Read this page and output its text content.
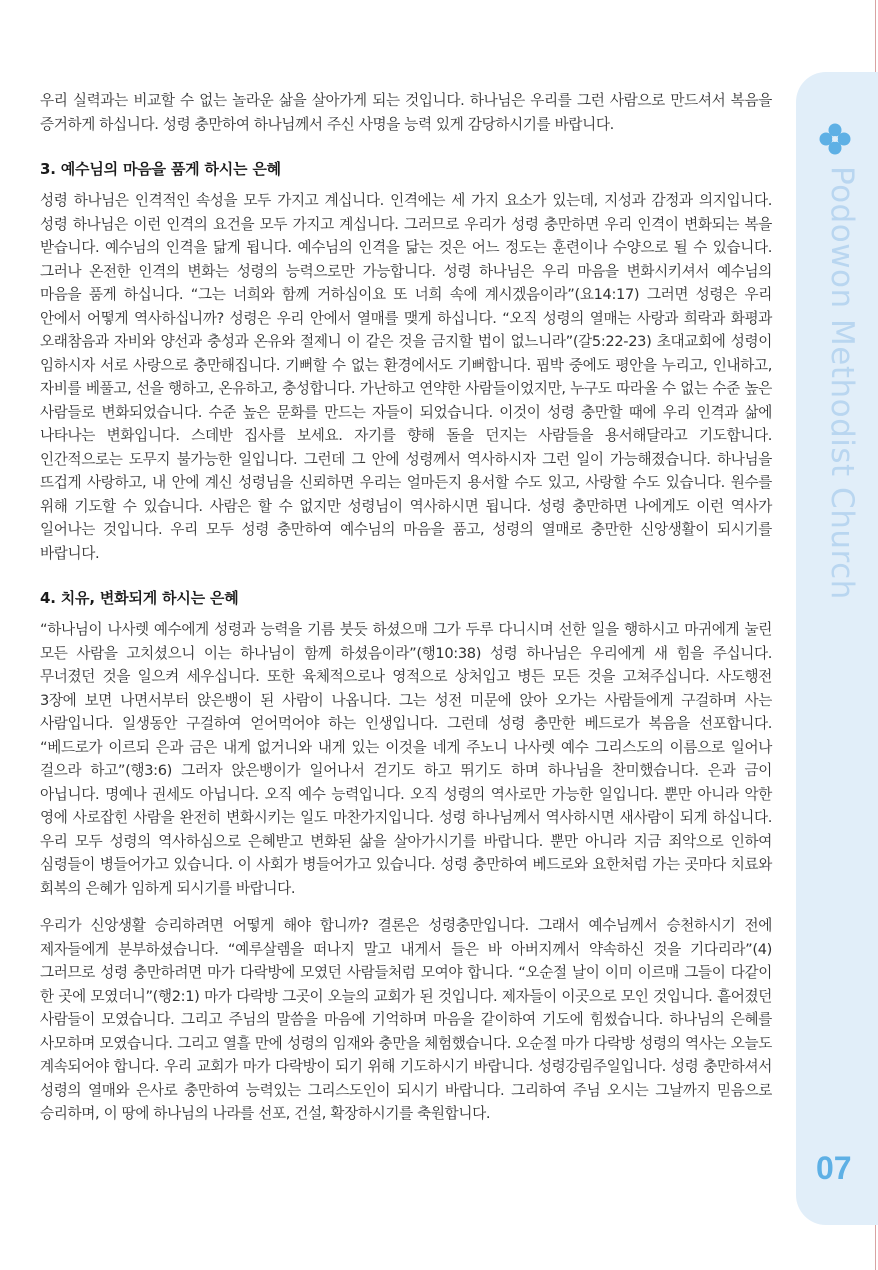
우리 실력과는 비교할 수 없는 놀라운 삶을 살아가게 되는 것입니다. 하나님은 우리를 그런 사람으로 만드셔서 복음을 증거하게 하십니다. 성령 충만하여 하나님께서 주신 사명을 능력 있게 감당하시기를 바랍니다.

3. 예수님의 마음을 품게 하시는 은혜

성령 하나님은 인격적인 속성을 모두 가지고 계십니다. 인격에는 세 가지 요소가 있는데, 지성과 감정과 의지입니다. 성령 하나님은 이런 인격의 요건을 모두 가지고 계십니다. 그러므로 우리가 성령 충만하면 우리 인격이 변화되는 복을 받습니다. 예수님의 인격을 닮게 됩니다. 예수님의 인격을 닮는 것은 어느 정도는 훈련이나 수양으로 될 수 있습니다. 그러나 온전한 인격의 변화는 성령의 능력으로만 가능합니다. 성령 하나님은 우리 마음을 변화시키셔서 예수님의 마음을 품게 하십니다. “그는 너희와 함께 거하심이요 또 너희 속에 계시겠음이라”(요14:17) 그러면 성령은 우리 안에서 어떻게 역사하십니까? 성령은 우리 안에서 열매를 맺게 하십니다. “오직 성령의 열매는 사랑과 희락과 화평과 오래참음과 자비와 양선과 충성과 온유와 절제니 이 같은 것을 금지할 법이 없느니라”(갈5:22-23) 초대교회에 성령이 임하시자 서로 사랑으로 충만해집니다. 기뻐할 수 없는 환경에서도 기뻐합니다. 핍박 중에도 평안을 누리고, 인내하고, 자비를 베풀고, 선을 행하고, 온유하고, 충성합니다. 가난하고 연약한 사람들이었지만, 누구도 따라올 수 없는 수준 높은 사람들로 변화되었습니다. 수준 높은 문화를 만드는 자들이 되었습니다. 이것이 성령 충만할 때에 우리 인격과 삶에 나타나는 변화입니다. 스데반 집사를 보세요. 자기를 향해 돌을 던지는 사람들을 용서해달라고 기도합니다. 인간적으로는 도무지 불가능한 일입니다. 그런데 그 안에 성령께서 역사하시자 그런 일이 가능해졌습니다. 하나님을 뜨겁게 사랑하고, 내 안에 계신 성령님을 신뢰하면 우리는 얼마든지 용서할 수도 있고, 사랑할 수도 있습니다. 원수를 위해 기도할 수 있습니다. 사람은 할 수 없지만 성령님이 역사하시면 됩니다. 성령 충만하면 나에게도 이런 역사가 일어나는 것입니다. 우리 모두 성령 충만하여 예수님의 마음을 품고, 성령의 열매로 충만한 신앙생활이 되시기를 바랍니다.

4. 치유, 변화되게 하시는 은혜

“하나님이 나사렛 예수에게 성령과 능력을 기름 붓듯 하셨으매 그가 두루 다니시며 선한 일을 행하시고 마귀에게 눌린 모든 사람을 고치셨으니 이는 하나님이 함께 하셨음이라”(행10:38) 성령 하나님은 우리에게 새 힘을 주십니다. 무너졌던 것을 일으켜 세우십니다. 또한 육체적으로나 영적으로 상처입고 병든 모든 것을 고쳐주십니다. 사도행전 3장에 보면 나면서부터 앉은뱅이 된 사람이 나옵니다. 그는 성전 미문에 앉아 오가는 사람들에게 구걸하며 사는 사람입니다. 일생동안 구걸하여 얻어먹어야 하는 인생입니다. 그런데 성령 충만한 베드로가 복음을 선포합니다. “베드로가 이르되 은과 금은 내게 없거니와 내게 있는 이것을 네게 주노니 나사렛 예수 그리스도의 이름으로 일어나 걸으라 하고”(행3:6) 그러자 앉은뱅이가 일어나서 걷기도 하고 뛰기도 하며 하나님을 찬미했습니다. 은과 금이 아닙니다. 명예나 권세도 아닙니다. 오직 예수 능력입니다. 오직 성령의 역사로만 가능한 일입니다. 뿐만 아니라 악한 영에 사로잡힌 사람을 완전히 변화시키는 일도 마찬가지입니다. 성령 하나님께서 역사하시면 새사람이 되게 하십니다. 우리 모두 성령의 역사하심으로 은혜받고 변화된 삶을 살아가시기를 바랍니다. 뿐만 아니라 지금 죄악으로 인하여 심령들이 병들어가고 있습니다. 이 사회가 병들어가고 있습니다. 성령 충만하여 베드로와 요한처럼 가는 곳마다 치료와 회복의 은혜가 임하게 되시기를 바랍니다.

우리가 신앙생활 승리하려면 어떻게 해야 합니까? 결론은 성령충만입니다. 그래서 예수님께서 승천하시기 전에 제자들에게 분부하셨습니다. “예루살렘을 떠나지 말고 내게서 들은 바 아버지께서 약속하신 것을 기다리라”(4) 그러므로 성령 충만하려면 마가 다락방에 모였던 사람들처럼 모여야 합니다. “오순절 날이 이미 이르매 그들이 다같이 한 곳에 모였더니”(행2:1) 마가 다락방 그곳이 오늘의 교회가 된 것입니다. 제자들이 이곳으로 모인 것입니다. 흩어졌던 사람들이 모였습니다. 그리고 주님의 말씀을 마음에 기억하며 마음을 같이하여 기도에 힘썼습니다. 하나님의 은혜를 사모하며 모였습니다. 그리고 열흘 만에 성령의 임재와 충만을 체험했습니다. 오순절 마가 다락방 성령의 역사는 오늘도 계속되어야 합니다. 우리 교회가 마가 다락방이 되기 위해 기도하시기 바랍니다. 성령강림주일입니다. 성령 충만하셔서 성령의 열매와 은사로 충만하여 능력있는 그리스도인이 되시기 바랍니다. 그리하여 주님 오시는 그날까지 믿음으로 승리하며, 이 땅에 하나님의 나라를 선포, 건설, 확장하시기를 축원합니다.

Podowon Methodist Church
07
